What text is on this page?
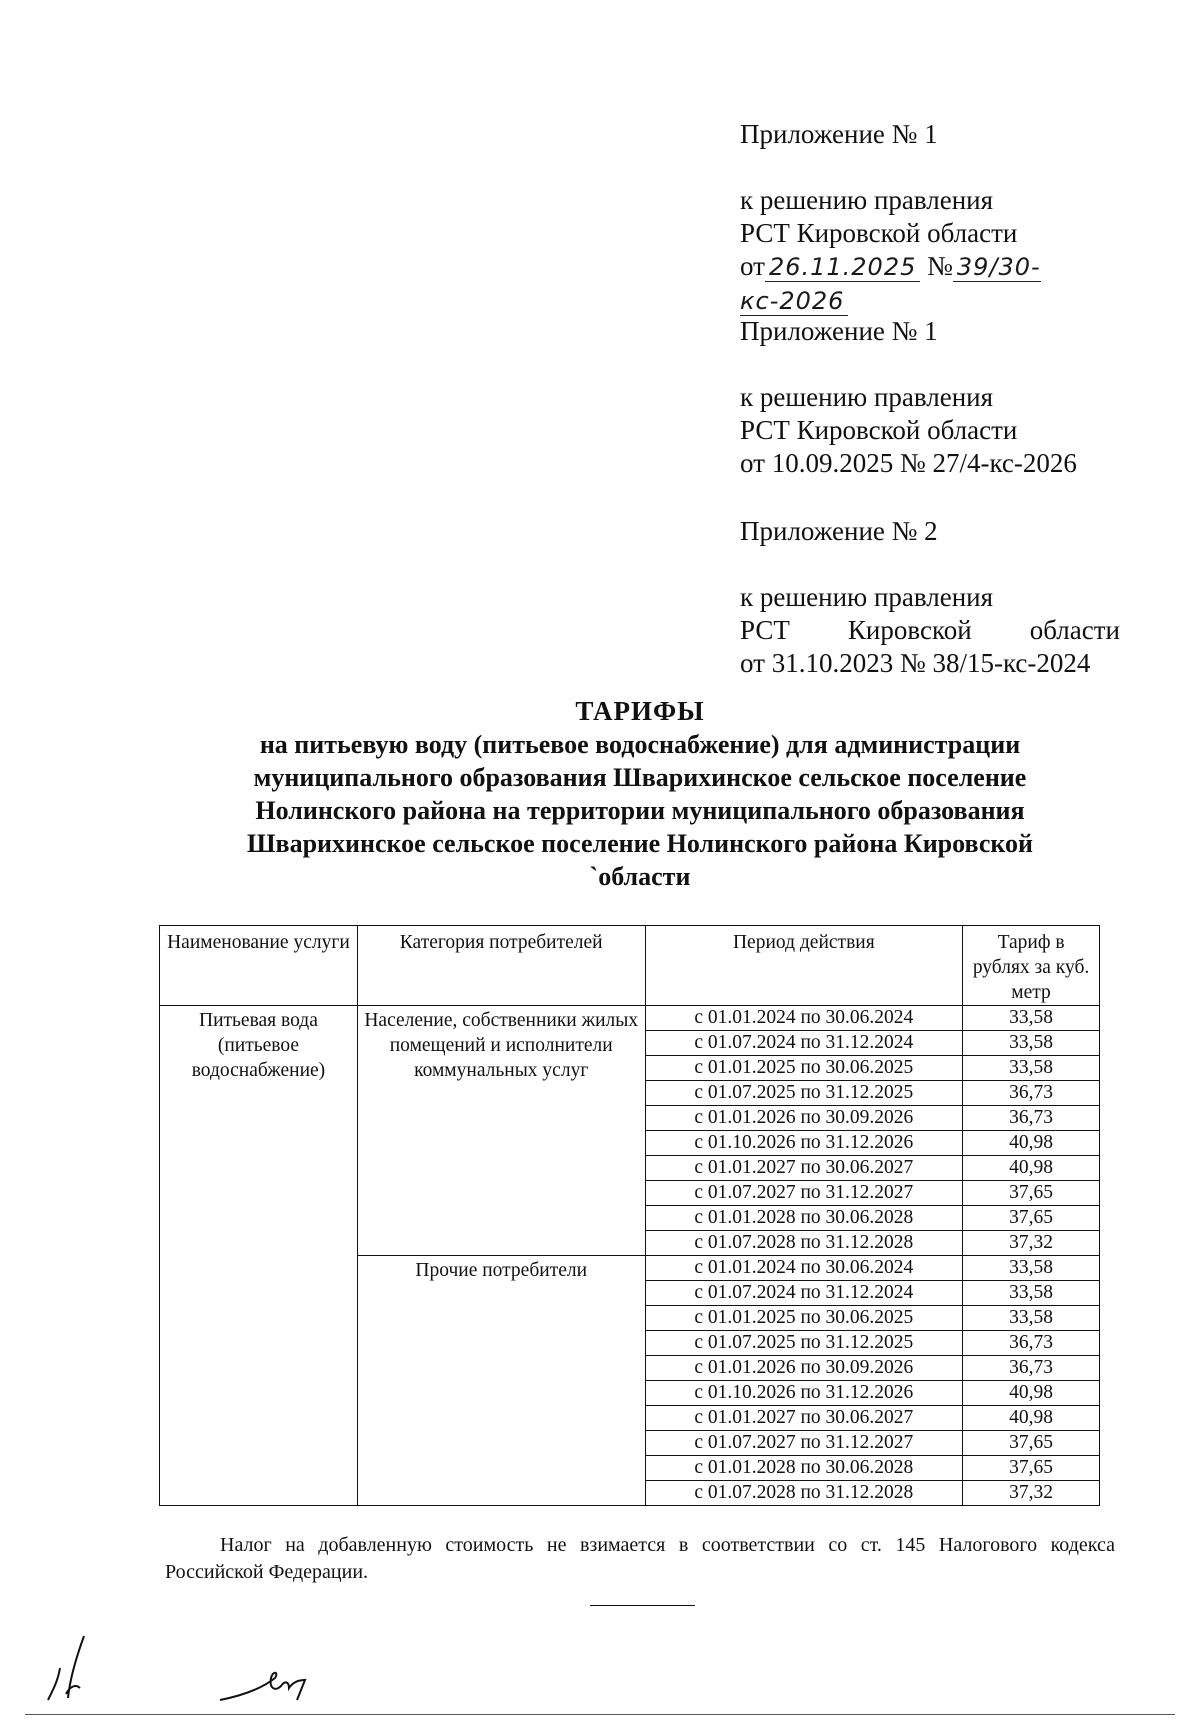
Приложение № 1

к решению правления

РСТ Кировской области

от 26.11.2025 № 39/30-кс-2026

Приложение № 1

к решению правления

РСТ Кировской области

от 10.09.2025 № 27/4-кс-2026

Приложение № 2

к решению правления

РСТ Кировской области

от 31.10.2023 № 38/15-кс-2024

ТАРИФЫ
на питьевую воду (питьевое водоснабжение) для администрации
муниципального образования Шварихинское сельское поселение
Нолинского района на территории муниципального образования
Шварихинское сельское поселение Нолинского района Кировской
`области
Наименование услуги	Категория потребителей	Период действия	Тариф в рублях за куб. метр
Питьевая вода (питьевое водоснабжение)	Население, собственники жилых помещений и исполнители коммунальных услуг	с 01.01.2024 по 30.06.2024	33,58
		с 01.07.2024 по 31.12.2024	33,58
		с 01.01.2025 по 30.06.2025	33,58
		с 01.07.2025 по 31.12.2025	36,73
		с 01.01.2026 по 30.09.2026	36,73
		с 01.10.2026 по 31.12.2026	40,98
		с 01.01.2027 по 30.06.2027	40,98
		с 01.07.2027 по 31.12.2027	37,65
		с 01.01.2028 по 30.06.2028	37,65
		с 01.07.2028 по 31.12.2028	37,32
	Прочие потребители	с 01.01.2024 по 30.06.2024	33,58
		с 01.07.2024 по 31.12.2024	33,58
		с 01.01.2025 по 30.06.2025	33,58
		с 01.07.2025 по 31.12.2025	36,73
		с 01.01.2026 по 30.09.2026	36,73
		с 01.10.2026 по 31.12.2026	40,98
		с 01.01.2027 по 30.06.2027	40,98
		с 01.07.2027 по 31.12.2027	37,65
		с 01.01.2028 по 30.06.2028	37,65
		с 01.07.2028 по 31.12.2028	37,32
Налог на добавленную стоимость не взимается в соответствии со ст. 145 Налогового кодекса Российской Федерации.
